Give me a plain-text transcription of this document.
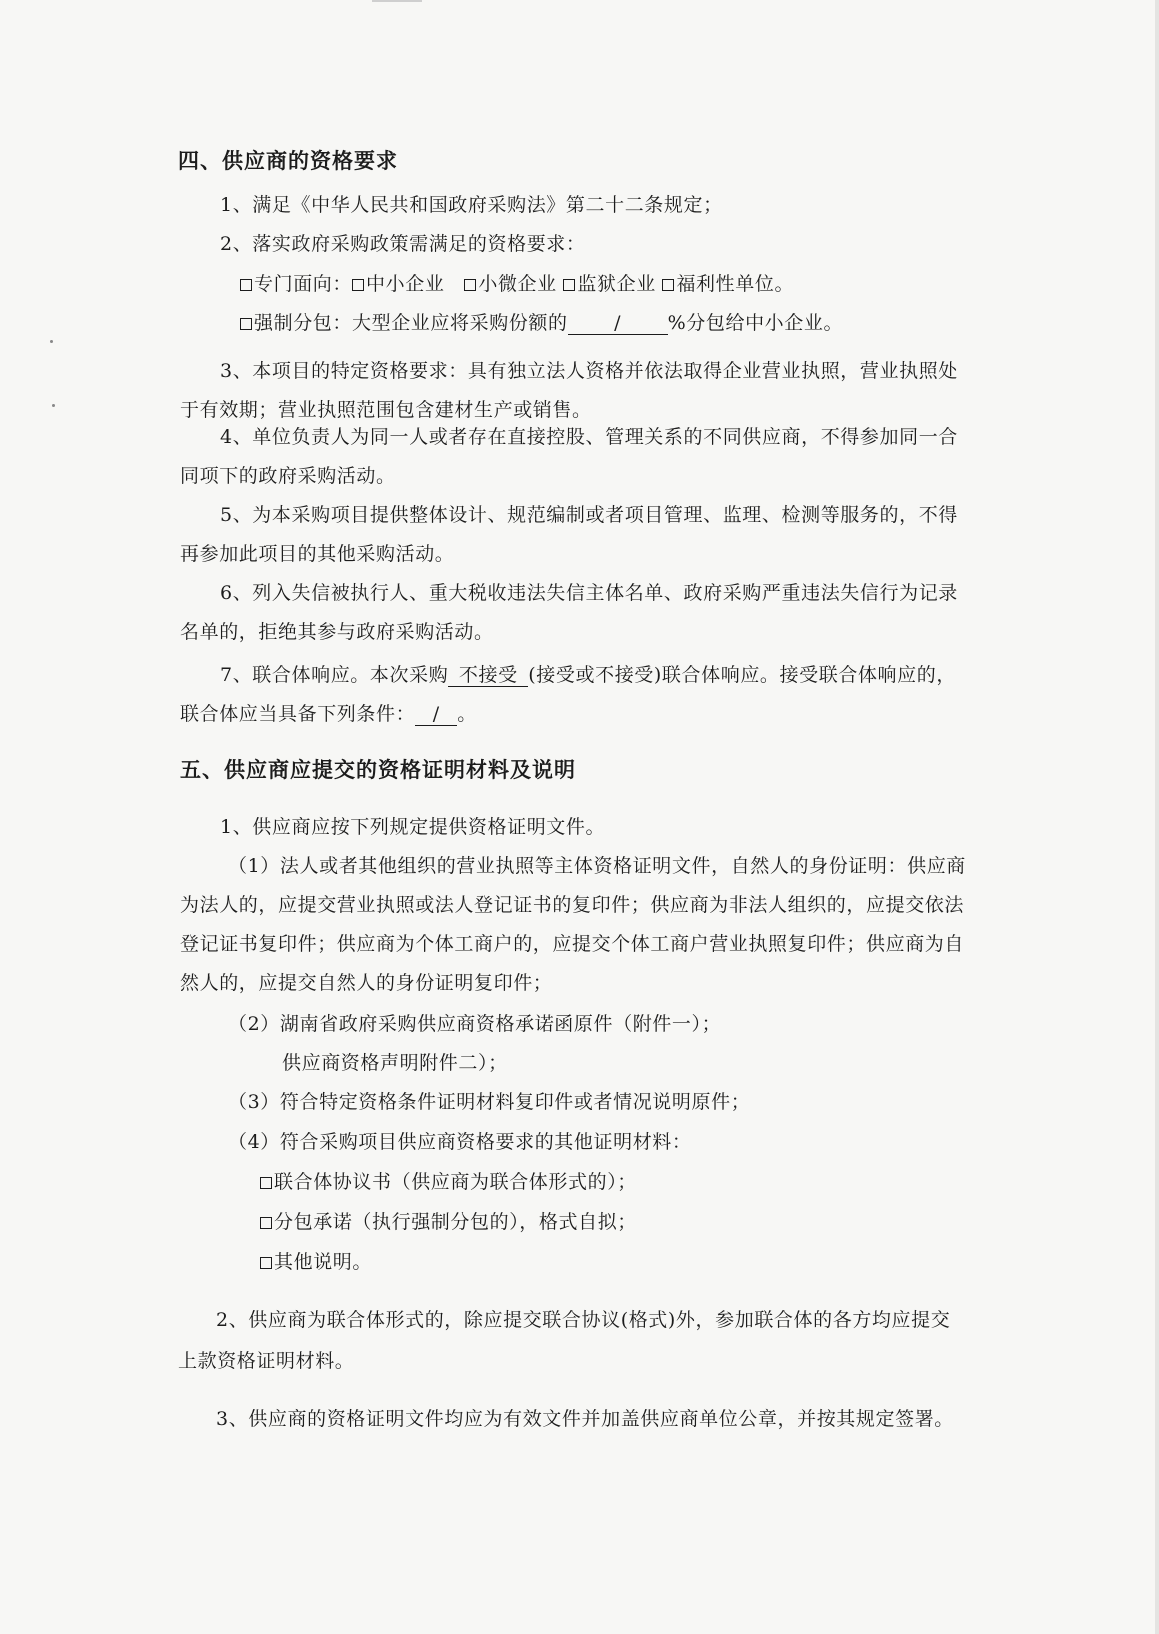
四、供应商的资格要求
1、满足《中华人民共和国政府采购法》第二十二条规定；
2、落实政府采购政策需满足的资格要求：
专门面向： 中小企业 小微企业 监狱企业 福利性单位。
强制分包：大型企业应将采购份额的 / %分包给中小企业。
3、本项目的特定资格要求：具有独立法人资格并依法取得企业营业执照，营业执照处
于有效期；营业执照范围包含建材生产或销售。
4、单位负责人为同一人或者存在直接控股、管理关系的不同供应商，不得参加同一合
同项下的政府采购活动。
5、为本采购项目提供整体设计、规范编制或者项目管理、监理、检测等服务的，不得
再参加此项目的其他采购活动。
6、列入失信被执行人、重大税收违法失信主体名单、政府采购严重违法失信行为记录
名单的，拒绝其参与政府采购活动。
7、联合体响应。本次采购 不接受 (接受或不接受)联合体响应。接受联合体响应的，
联合体应当具备下列条件： / 。
五、供应商应提交的资格证明材料及说明
1、供应商应按下列规定提供资格证明文件。
（1）法人或者其他组织的营业执照等主体资格证明文件，自然人的身份证明：供应商
为法人的，应提交营业执照或法人登记证书的复印件；供应商为非法人组织的，应提交依法
登记证书复印件；供应商为个体工商户的，应提交个体工商户营业执照复印件；供应商为自
然人的，应提交自然人的身份证明复印件；
（2）湖南省政府采购供应商资格承诺函原件（附件一）；
供应商资格声明附件二）；
（3）符合特定资格条件证明材料复印件或者情况说明原件；
（4）符合采购项目供应商资格要求的其他证明材料：
联合体协议书（供应商为联合体形式的）；
分包承诺（执行强制分包的），格式自拟；
其他说明。
2、供应商为联合体形式的，除应提交联合协议(格式)外，参加联合体的各方均应提交
上款资格证明材料。
3、供应商的资格证明文件均应为有效文件并加盖供应商单位公章，并按其规定签署。
